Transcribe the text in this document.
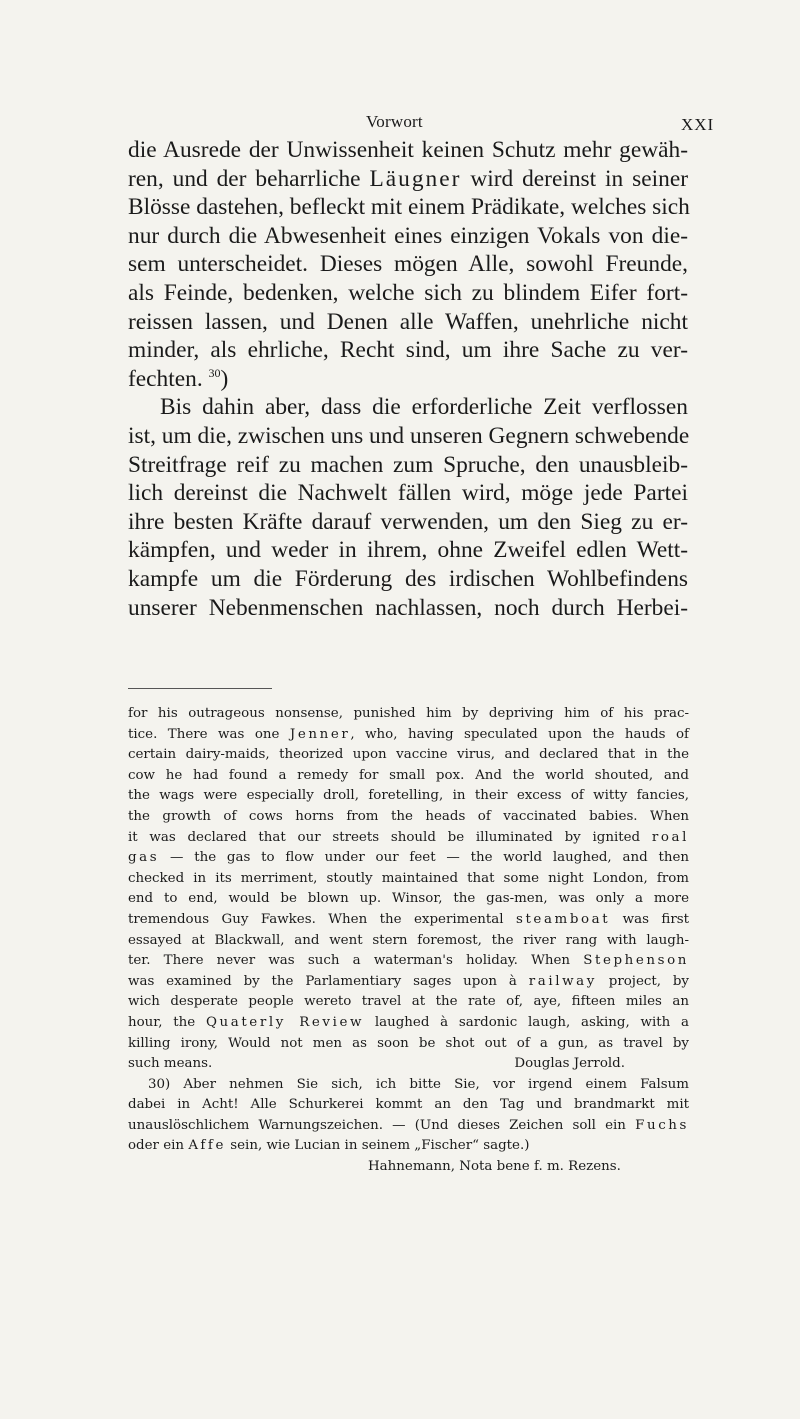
Vorwort	XXI
die Ausrede der Unwissenheit keinen Schutz mehr gewäh-
ren, und der beharrliche Läugner wird dereinst in seiner
Blösse dastehen, befleckt mit einem Prädikate, welches sich
nur durch die Abwesenheit eines einzigen Vokals von die-
sem unterscheidet. Dieses mögen Alle, sowohl Freunde,
als Feinde, bedenken, welche sich zu blindem Eifer fort-
reissen lassen, und Denen alle Waffen, unehrliche nicht
minder, als ehrliche, Recht sind, um ihre Sache zu ver-
fechten. $^{30}$)
Bis dahin aber, dass die erforderliche Zeit verflossen
ist, um die, zwischen uns und unseren Gegnern schwebende
Streitfrage reif zu machen zum Spruche, den unausbleib-
lich dereinst die Nachwelt fällen wird, möge jede Partei
ihre besten Kräfte darauf verwenden, um den Sieg zu er-
kämpfen, und weder in ihrem, ohne Zweifel edlen Wett-
kampfe um die Förderung des irdischen Wohlbefindens
unserer Nebenmenschen nachlassen, noch durch Herbei-
for his outrageous nonsense, punished him by depriving him of his prac-
tice. There was one Jenner, who, having speculated upon the hauds of
certain dairy-maids, theorized upon vaccine virus, and declared that in the
cow he had found a remedy for small pox. And the world shouted, and
the wags were especially droll, foretelling, in their excess of witty fancies,
the growth of cows horns from the heads of vaccinated babies. When
it was declared that our streets should be illuminated by ignited roal
gas — the gas to flow under our feet — the world laughed, and then
checked in its merriment, stoutly maintained that some night London, from
end to end, would be blown up. Winsor, the gas-men, was only a more
tremendous Guy Fawkes. When the experimental steamboat was first
essayed at Blackwall, and went stern foremost, the river rang with laugh-
ter. There never was such a waterman's holiday. When Stephenson
was examined by the Parlamentiary sages upon à railway project, by
wich desperate people wereto travel at the rate of, aye, fifteen miles an
hour, the Quaterly Review laughed à sardonic laugh, asking, with a
killing irony, Would not men as soon be shot out of a gun, as travel by
such means.	Douglas Jerrold.
30) Aber nehmen Sie sich, ich bitte Sie, vor irgend einem Falsum
dabei in Acht! Alle Schurkerei kommt an den Tag und brandmarkt mit
unauslöschlichem Warnungszeichen. — (Und dieses Zeichen soll ein Fuchs
oder ein Affe sein, wie Lucian in seinem „Fischer“ sagte.)
Hahnemann, Nota bene f. m. Rezens.
